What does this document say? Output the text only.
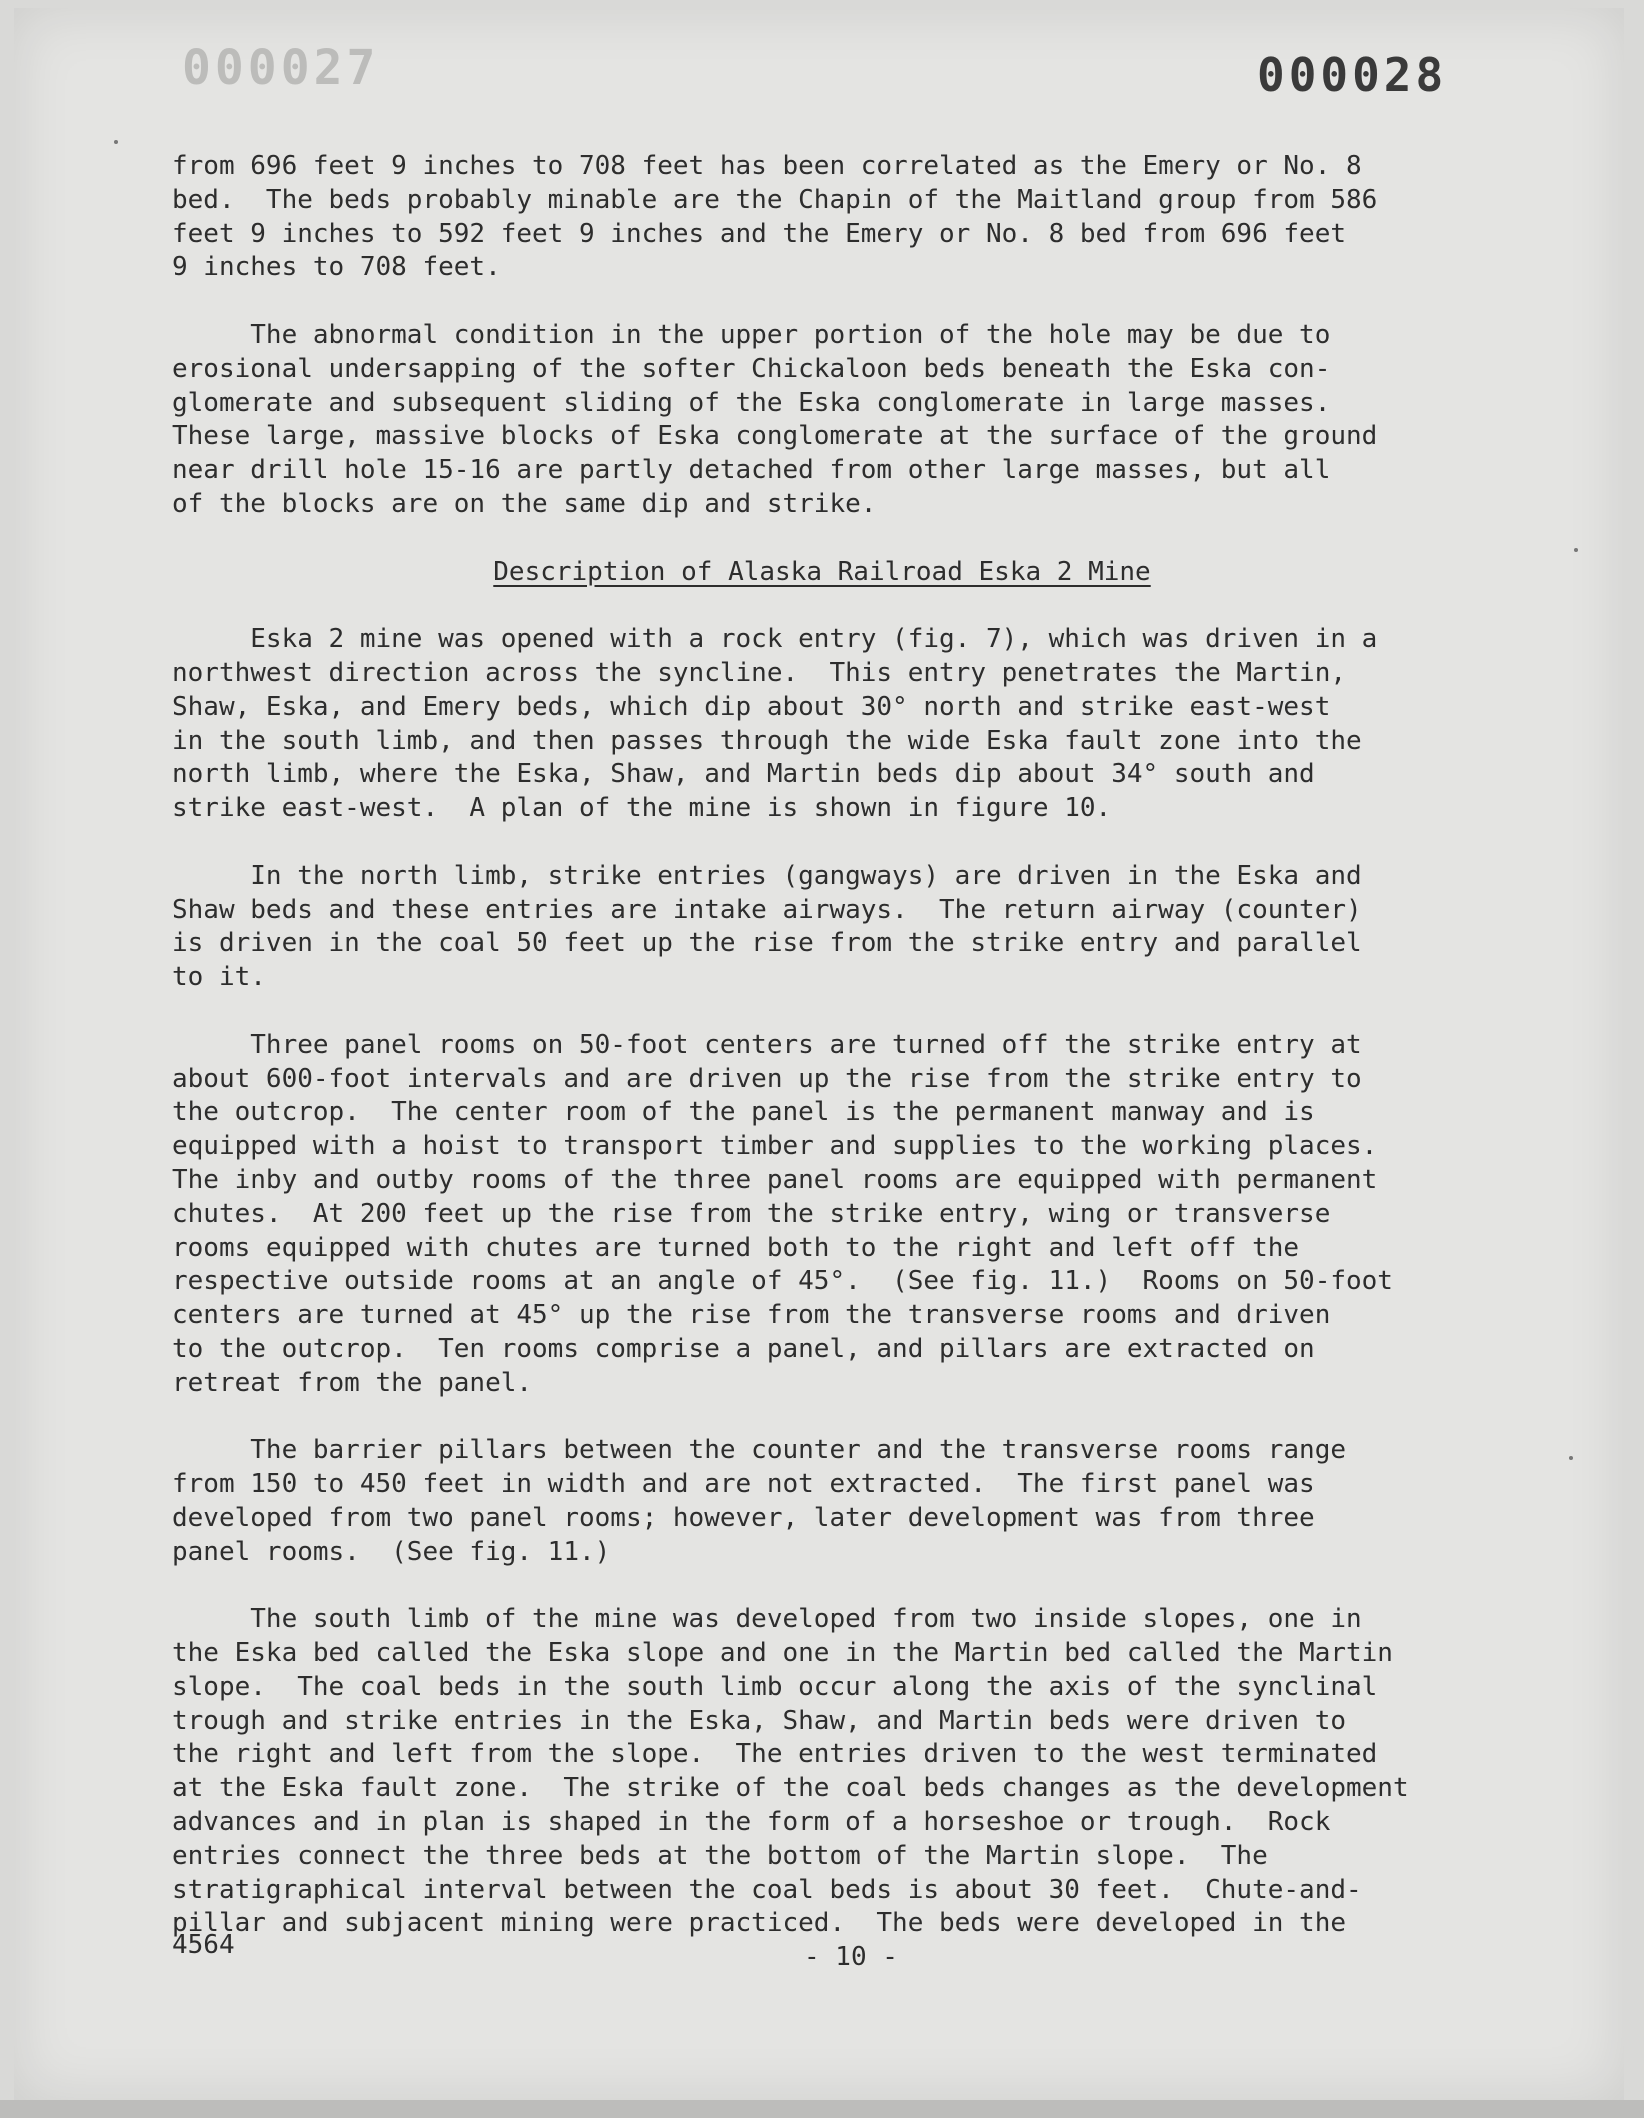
000027	000028

from 696 feet 9 inches to 708 feet has been correlated as the Emery or No. 8

bed.  The beds probably minable are the Chapin of the Maitland group from 586

feet 9 inches to 592 feet 9 inches and the Emery or No. 8 bed from 696 feet

9 inches to 708 feet.

The abnormal condition in the upper portion of the hole may be due to

erosional undersapping of the softer Chickaloon beds beneath the Eska con-

glomerate and subsequent sliding of the Eska conglomerate in large masses.

These large, massive blocks of Eska conglomerate at the surface of the ground

near drill hole 15-16 are partly detached from other large masses, but all

of the blocks are on the same dip and strike.

Description of Alaska Railroad Eska 2 Mine

Eska 2 mine was opened with a rock entry (fig. 7), which was driven in a

northwest direction across the syncline.  This entry penetrates the Martin,

Shaw, Eska, and Emery beds, which dip about 30° north and strike east-west

in the south limb, and then passes through the wide Eska fault zone into the

north limb, where the Eska, Shaw, and Martin beds dip about 34° south and

strike east-west.  A plan of the mine is shown in figure 10.

In the north limb, strike entries (gangways) are driven in the Eska and

Shaw beds and these entries are intake airways.  The return airway (counter)

is driven in the coal 50 feet up the rise from the strike entry and parallel

to it.

Three panel rooms on 50-foot centers are turned off the strike entry at

about 600-foot intervals and are driven up the rise from the strike entry to

the outcrop.  The center room of the panel is the permanent manway and is

equipped with a hoist to transport timber and supplies to the working places.

The inby and outby rooms of the three panel rooms are equipped with permanent

chutes.  At 200 feet up the rise from the strike entry, wing or transverse

rooms equipped with chutes are turned both to the right and left off the

respective outside rooms at an angle of 45°.  (See fig. 11.)  Rooms on 50-foot

centers are turned at 45° up the rise from the transverse rooms and driven

to the outcrop.  Ten rooms comprise a panel, and pillars are extracted on

retreat from the panel.

The barrier pillars between the counter and the transverse rooms range

from 150 to 450 feet in width and are not extracted.  The first panel was

developed from two panel rooms; however, later development was from three

panel rooms.  (See fig. 11.)

The south limb of the mine was developed from two inside slopes, one in

the Eska bed called the Eska slope and one in the Martin bed called the Martin

slope.  The coal beds in the south limb occur along the axis of the synclinal

trough and strike entries in the Eska, Shaw, and Martin beds were driven to

the right and left from the slope.  The entries driven to the west terminated

at the Eska fault zone.  The strike of the coal beds changes as the development

advances and in plan is shaped in the form of a horseshoe or trough.  Rock

entries connect the three beds at the bottom of the Martin slope.  The

stratigraphical interval between the coal beds is about 30 feet.  Chute-and-

pillar and subjacent mining were practiced.  The beds were developed in the

4564	- 10 -
